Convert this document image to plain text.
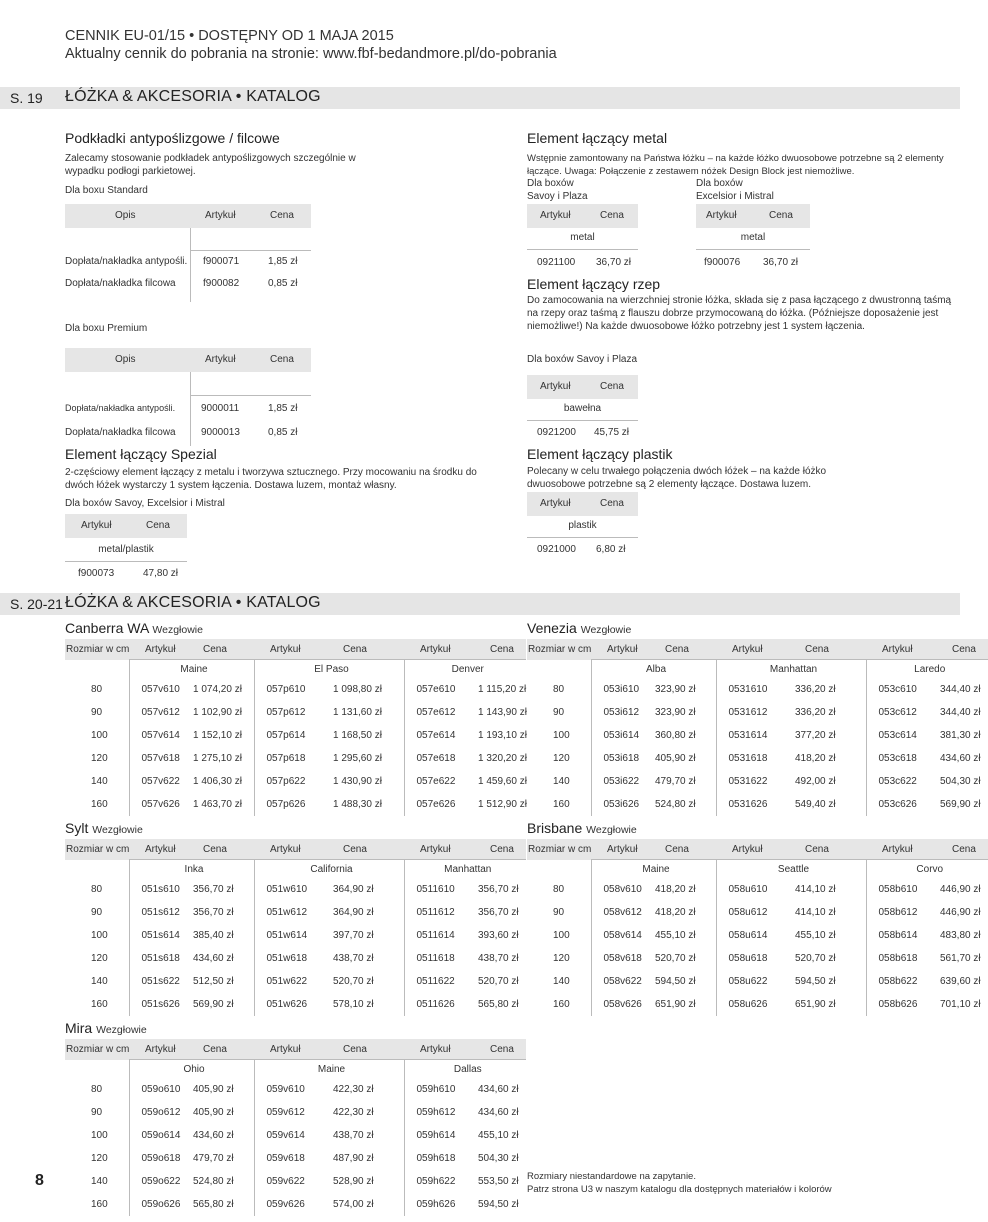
CENNIK EU-01/15 • DOSTĘPNY OD 1 MAJA 2015
Aktualny cennik do pobrania na stronie: www.fbf-bedandmore.pl/do-pobrania
S. 19 ŁÓŻKA & AKCESORIA • KATALOG
Podkładki antypoślizgowe / filcowe
Zalecamy stosowanie podkładek antypoślizgowych szczególnie w wypadku podłogi parkietowej.
Dla boxu Standard
Opis	Artykuł	Cena
Dopłata/nakładka antypośli. f900071	1,85 zł
Dopłata/nakładka filcowa	f900082	0,85 zł
Dla boxu Premium
Opis	Artykuł	Cena
Dopłata/nakładka antypośli.	9000011	1,85 zł
Dopłata/nakładka filcowa	9000013	0,85 zł
Element łączący Spezial
2-częściowy element łączący z metalu i tworzywa sztucznego. Przy mocowaniu na środku do dwóch łóżek wystarczy 1 system łączenia. Dostawa luzem, montaż własny.
Dla boxów Savoy, Excelsior i Mistral
Artykuł	Cena
metal/plastik
f900073	47,80 zł
Element łączący metal
Wstępnie zamontowany na Państwa łóżku – na każde łóżko dwuosobowe potrzebne są 2 elementy łączące. Uwaga: Połączenie z zestawem nóżek Design Block jest niemożliwe.
Dla boxów
Savoy i Plaza
Dla boxów
Excelsior i Mistral
Artykuł	Cena	Artykuł	Cena
metal	metal
0921100 36,70 zł	f900076 36,70 zł
Element łączący rzep
Do zamocowania na wierzchniej stronie łóżka, składa się z pasa łączącego z dwustronną taśmą na rzepy oraz taśmą z flauszu dobrze przymocowaną do łóżka. (Późniejsze doposażenie jest niemożliwe!) Na każde dwuosobowe łóżko potrzebny jest 1 system łączenia.
Dla boxów Savoy i Plaza
Artykuł	Cena
bawełna
0921200 45,75 zł
Element łączący plastik
Polecany w celu trwałego połączenia dwóch łóżek – na każde łóżko dwuosobowe potrzebne są 2 elementy łączące. Dostawa luzem.
Artykuł	Cena
plastik
0921000 6,80 zł
S. 20-21 ŁÓŻKA & AKCESORIA • KATALOG
Canberra WA Wezgłowie
Rozmiar w cm	Artykuł	Cena	Artykuł	Cena	Artykuł	Cena
	Maine		El Paso		Denver	
80	057v610	1 074,20 zł	057p610	1 098,80 zł	057e610	1 115,20 zł
90	057v612	1 102,90 zł	057p612	1 131,60 zł	057e612	1 143,90 zł
100	057v614	1 152,10 zł	057p614	1 168,50 zł	057e614	1 193,10 zł
120	057v618	1 275,10 zł	057p618	1 295,60 zł	057e618	1 320,20 zł
140	057v622	1 406,30 zł	057p622	1 430,90 zł	057e622	1 459,60 zł
160	057v626	1 463,70 zł	057p626	1 488,30 zł	057e626	1 512,90 zł
Venezia Wezgłowie
Rozmiar w cm	Artykuł	Cena	Artykuł	Cena	Artykuł	Cena
	Alba		Manhattan		Laredo	
80	053i610	323,90 zł	0531610	336,20 zł	053c610	344,40 zł
90	053i612	323,90 zł	0531612	336,20 zł	053c612	344,40 zł
100	053i614	360,80 zł	0531614	377,20 zł	053c614	381,30 zł
120	053i618	405,90 zł	0531618	418,20 zł	053c618	434,60 zł
140	053i622	479,70 zł	0531622	492,00 zł	053c622	504,30 zł
160	053i626	524,80 zł	0531626	549,40 zł	053c626	569,90 zł
Sylt Wezgłowie
Rozmiar w cm	Artykuł	Cena	Artykuł	Cena	Artykuł	Cena
	Inka		California		Manhattan	
80	051s610	356,70 zł	051w610	364,90 zł	0511610	356,70 zł
90	051s612	356,70 zł	051w612	364,90 zł	0511612	356,70 zł
100	051s614	385,40 zł	051w614	397,70 zł	0511614	393,60 zł
120	051s618	434,60 zł	051w618	438,70 zł	0511618	438,70 zł
140	051s622	512,50 zł	051w622	520,70 zł	0511622	520,70 zł
160	051s626	569,90 zł	051w626	578,10 zł	0511626	565,80 zł
Brisbane Wezgłowie
Rozmiar w cm	Artykuł	Cena	Artykuł	Cena	Artykuł	Cena
	Maine		Seattle		Corvo	
80	058v610	418,20 zł	058u610	414,10 zł	058b610	446,90 zł
90	058v612	418,20 zł	058u612	414,10 zł	058b612	446,90 zł
100	058v614	455,10 zł	058u614	455,10 zł	058b614	483,80 zł
120	058v618	520,70 zł	058u618	520,70 zł	058b618	561,70 zł
140	058v622	594,50 zł	058u622	594,50 zł	058b622	639,60 zł
160	058v626	651,90 zł	058u626	651,90 zł	058b626	701,10 zł
Mira Wezgłowie
Rozmiar w cm	Artykuł	Cena	Artykuł	Cena	Artykuł	Cena
	Ohio		Maine		Dallas	
80	059o610	405,90 zł	059v610	422,30 zł	059h610	434,60 zł
90	059o612	405,90 zł	059v612	422,30 zł	059h612	434,60 zł
100	059o614	434,60 zł	059v614	438,70 zł	059h614	455,10 zł
120	059o618	479,70 zł	059v618	487,90 zł	059h618	504,30 zł
140	059o622	524,80 zł	059v622	528,90 zł	059h622	553,50 zł
160	059o626	565,80 zł	059v626	574,00 zł	059h626	594,50 zł
Rozmiary niestandardowe na zapytanie.
Patrz strona U3 w naszym katalogu dla dostępnych materiałów i kolorów
8
